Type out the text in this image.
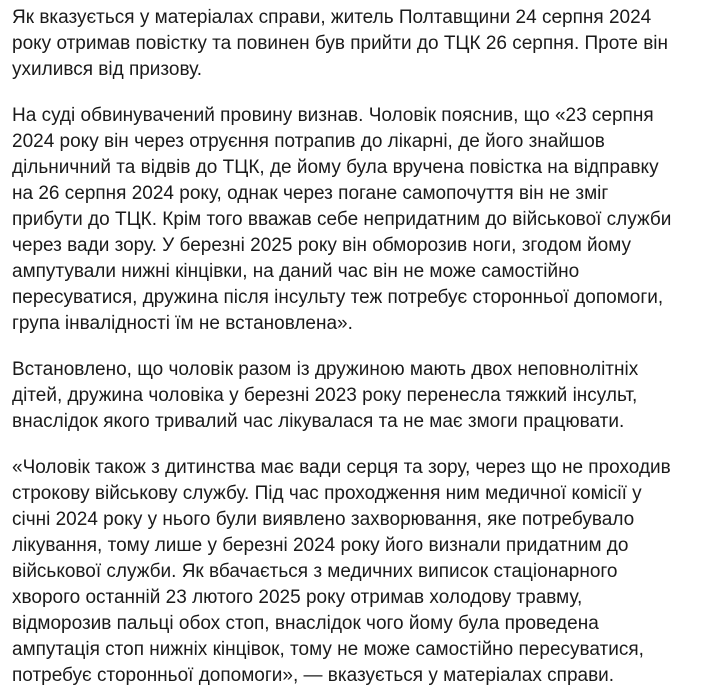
Як вказується у матеріалах справи, житель Полтавщини 24 серпня 2024
року отримав повістку та повинен був прийти до ТЦК 26 серпня. Проте він
ухилився від призову.

На суді обвинувачений провину визнав. Чоловік пояснив, що «23 серпня
2024 року він через отруєння потрапив до лікарні, де його знайшов
дільничний та відвів до ТЦК, де йому була вручена повістка на відправку
на 26 серпня 2024 року, однак через погане самопочуття він не зміг
прибути до ТЦК. Крім того вважав себе непридатним до військової служби
через вади зору. У березні 2025 року він обморозив ноги, згодом йому
ампутували нижні кінцівки, на даний час він не може самостійно
пересуватися, дружина після інсульту теж потребує сторонньої допомоги,
група інвалідності їм не встановлена».

Встановлено, що чоловік разом із дружиною мають двох неповнолітніх
дітей, дружина чоловіка у березні 2023 року перенесла тяжкий інсульт,
внаслідок якого тривалий час лікувалася та не має змоги працювати.

«Чоловік також з дитинства має вади серця та зору, через що не проходив
строкову військову службу. Під час проходження ним медичної комісії у
січні 2024 року у нього були виявлено захворювання, яке потребувало
лікування, тому лише у березні 2024 року його визнали придатним до
військової служби. Як вбачається з медичних виписок стаціонарного
хворого останній 23 лютого 2025 року отримав холодову травму,
відморозив пальці обох стоп, внаслідок чого йому була проведена
ампутація стоп нижніх кінцівок, тому не може самостійно пересуватися,
потребує сторонньої допомоги», — вказується у матеріалах справи.
